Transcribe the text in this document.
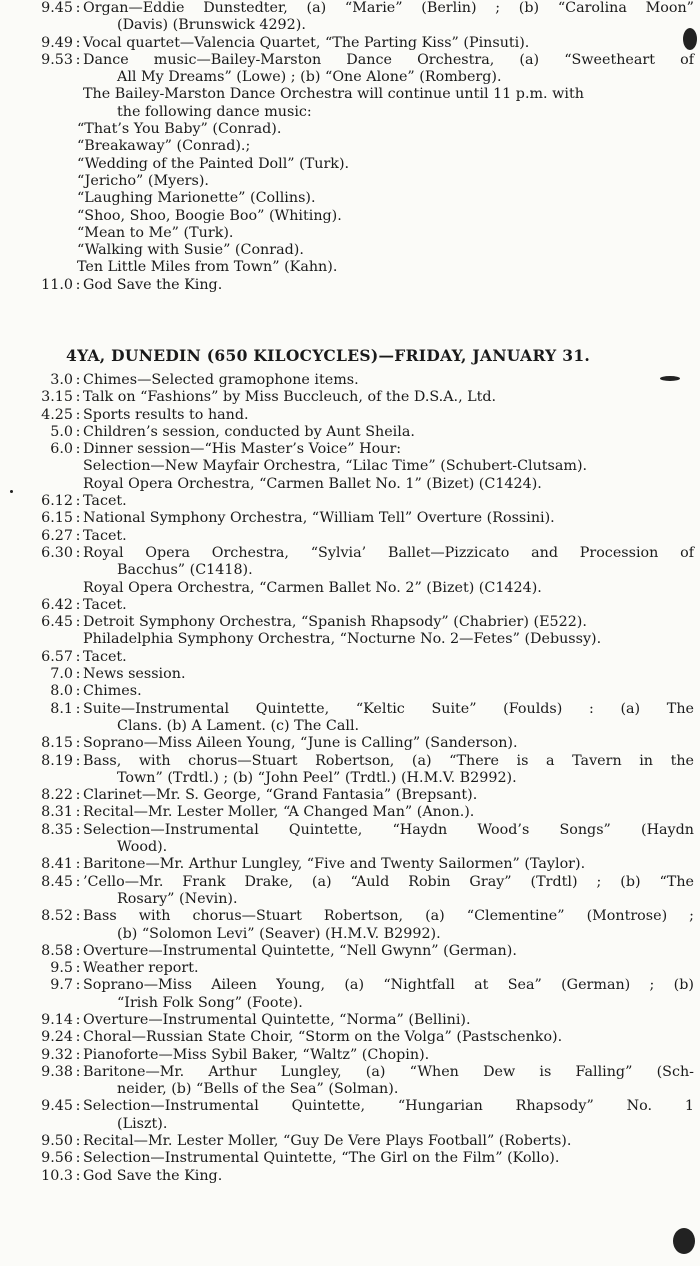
9.45 : Organ—Eddie Dunstedter, (a) “Marie” (Berlin) ; (b) “Carolina Moon”
(Davis) (Brunswick 4292).
9.49 : Vocal quartet—Valencia Quartet, “The Parting Kiss” (Pinsuti).
9.53 : Dance music—Bailey-Marston Dance Orchestra, (a) “Sweetheart of
All My Dreams” (Lowe) ; (b) “One Alone” (Romberg).
The Bailey-Marston Dance Orchestra will continue until 11 p.m. with
the following dance music:
“That’s You Baby” (Conrad).
“Breakaway” (Conrad).;
“Wedding of the Painted Doll” (Turk).
“Jericho” (Myers).
“Laughing Marionette” (Collins).
“Shoo, Shoo, Boogie Boo” (Whiting).
“Mean to Me” (Turk).
“Walking with Susie” (Conrad).
Ten Little Miles from Town” (Kahn).
11.0 : God Save the King.
4YA, DUNEDIN (650 KILOCYCLES)—FRIDAY, JANUARY 31.
3.0 : Chimes—Selected gramophone items.
3.15 : Talk on “Fashions” by Miss Buccleuch, of the D.S.A., Ltd.
4.25 : Sports results to hand.
5.0 : Children’s session, conducted by Aunt Sheila.
6.0 : Dinner session—“His Master’s Voice” Hour:
Selection—New Mayfair Orchestra, “Lilac Time” (Schubert-Clutsam).
Royal Opera Orchestra, “Carmen Ballet No. 1” (Bizet) (C1424).
6.12 : Tacet.
6.15 : National Symphony Orchestra, “William Tell” Overture (Rossini).
6.27 : Tacet.
6.30 : Royal Opera Orchestra, “Sylvia’ Ballet—Pizzicato and Procession of
Bacchus” (C1418).
Royal Opera Orchestra, “Carmen Ballet No. 2” (Bizet) (C1424).
6.42 : Tacet.
6.45 : Detroit Symphony Orchestra, “Spanish Rhapsody” (Chabrier) (E522).
Philadelphia Symphony Orchestra, “Nocturne No. 2—Fetes” (Debussy).
6.57 : Tacet.
7.0 : News session.
8.0 : Chimes.
8.1 : Suite—Instrumental Quintette, “Keltic Suite” (Foulds) : (a) The
Clans. (b) A Lament. (c) The Call.
8.15 : Soprano—Miss Aileen Young, “June is Calling” (Sanderson).
8.19 : Bass, with chorus—Stuart Robertson, (a) “There is a Tavern in the
Town” (Trdtl.) ; (b) “John Peel” (Trdtl.) (H.M.V. B2992).
8.22 : Clarinet—Mr. S. George, “Grand Fantasia” (Brepsant).
8.31 : Recital—Mr. Lester Moller, “A Changed Man” (Anon.).
8.35 : Selection—Instrumental Quintette, “Haydn Wood’s Songs” (Haydn
Wood).
8.41 : Baritone—Mr. Arthur Lungley, “Five and Twenty Sailormen” (Taylor).
8.45 : ’Cello—Mr. Frank Drake, (a) “Auld Robin Gray” (Trdtl) ; (b) “The
Rosary” (Nevin).
8.52 : Bass with chorus—Stuart Robertson, (a) “Clementine” (Montrose) ;
(b) “Solomon Levi” (Seaver) (H.M.V. B2992).
8.58 : Overture—Instrumental Quintette, “Nell Gwynn” (German).
9.5 : Weather report.
9.7 : Soprano—Miss Aileen Young, (a) “Nightfall at Sea” (German) ; (b)
“Irish Folk Song” (Foote).
9.14 : Overture—Instrumental Quintette, “Norma” (Bellini).
9.24 : Choral—Russian State Choir, “Storm on the Volga” (Pastschenko).
9.32 : Pianoforte—Miss Sybil Baker, “Waltz” (Chopin).
9.38 : Baritone—Mr. Arthur Lungley, (a) “When Dew is Falling” (Sch-
neider, (b) “Bells of the Sea” (Solman).
9.45 : Selection—Instrumental Quintette, “Hungarian Rhapsody” No. 1
(Liszt).
9.50 : Recital—Mr. Lester Moller, “Guy De Vere Plays Football” (Roberts).
9.56 : Selection—Instrumental Quintette, “The Girl on the Film” (Kollo).
10.3 : God Save the King.
